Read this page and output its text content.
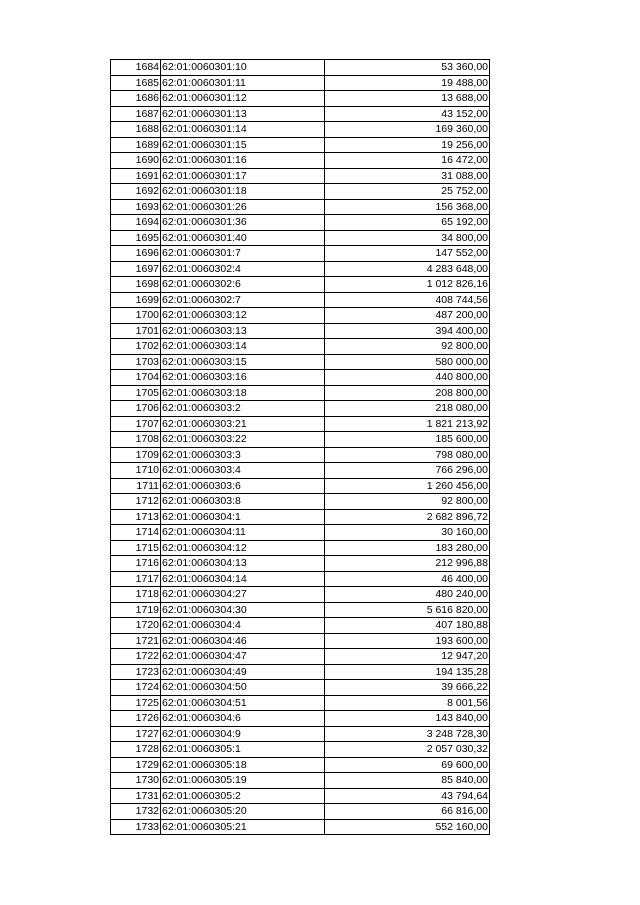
1684	62:01:0060301:10	53 360,00
1685	62:01:0060301:11	19 488,00
1686	62:01:0060301:12	13 688,00
1687	62:01:0060301:13	43 152,00
1688	62:01:0060301:14	169 360,00
1689	62:01:0060301:15	19 256,00
1690	62:01:0060301:16	16 472,00
1691	62:01:0060301:17	31 088,00
1692	62:01:0060301:18	25 752,00
1693	62:01:0060301:26	156 368,00
1694	62:01:0060301:36	65 192,00
1695	62:01:0060301:40	34 800,00
1696	62:01:0060301:7	147 552,00
1697	62:01:0060302:4	4 283 648,00
1698	62:01:0060302:6	1 012 826,16
1699	62:01:0060302:7	408 744,56
1700	62:01:0060303:12	487 200,00
1701	62:01:0060303:13	394 400,00
1702	62:01:0060303:14	92 800,00
1703	62:01:0060303:15	580 000,00
1704	62:01:0060303:16	440 800,00
1705	62:01:0060303:18	208 800,00
1706	62:01:0060303:2	218 080,00
1707	62:01:0060303:21	1 821 213,92
1708	62:01:0060303:22	185 600,00
1709	62:01:0060303:3	798 080,00
1710	62:01:0060303:4	766 296,00
1711	62:01:0060303:6	1 260 456,00
1712	62:01:0060303:8	92 800,00
1713	62:01:0060304:1	2 682 896,72
1714	62:01:0060304:11	30 160,00
1715	62:01:0060304:12	183 280,00
1716	62:01:0060304:13	212 996,88
1717	62:01:0060304:14	46 400,00
1718	62:01:0060304:27	480 240,00
1719	62:01:0060304:30	5 616 820,00
1720	62:01:0060304:4	407 180,88
1721	62:01:0060304:46	193 600,00
1722	62:01:0060304:47	12 947,20
1723	62:01:0060304:49	194 135,28
1724	62:01:0060304:50	39 666,22
1725	62:01:0060304:51	8 001,56
1726	62:01:0060304:6	143 840,00
1727	62:01:0060304:9	3 248 728,30
1728	62:01:0060305:1	2 057 030,32
1729	62:01:0060305:18	69 600,00
1730	62:01:0060305:19	85 840,00
1731	62:01:0060305:2	43 794,64
1732	62:01:0060305:20	66 816,00
1733	62:01:0060305:21	552 160,00
